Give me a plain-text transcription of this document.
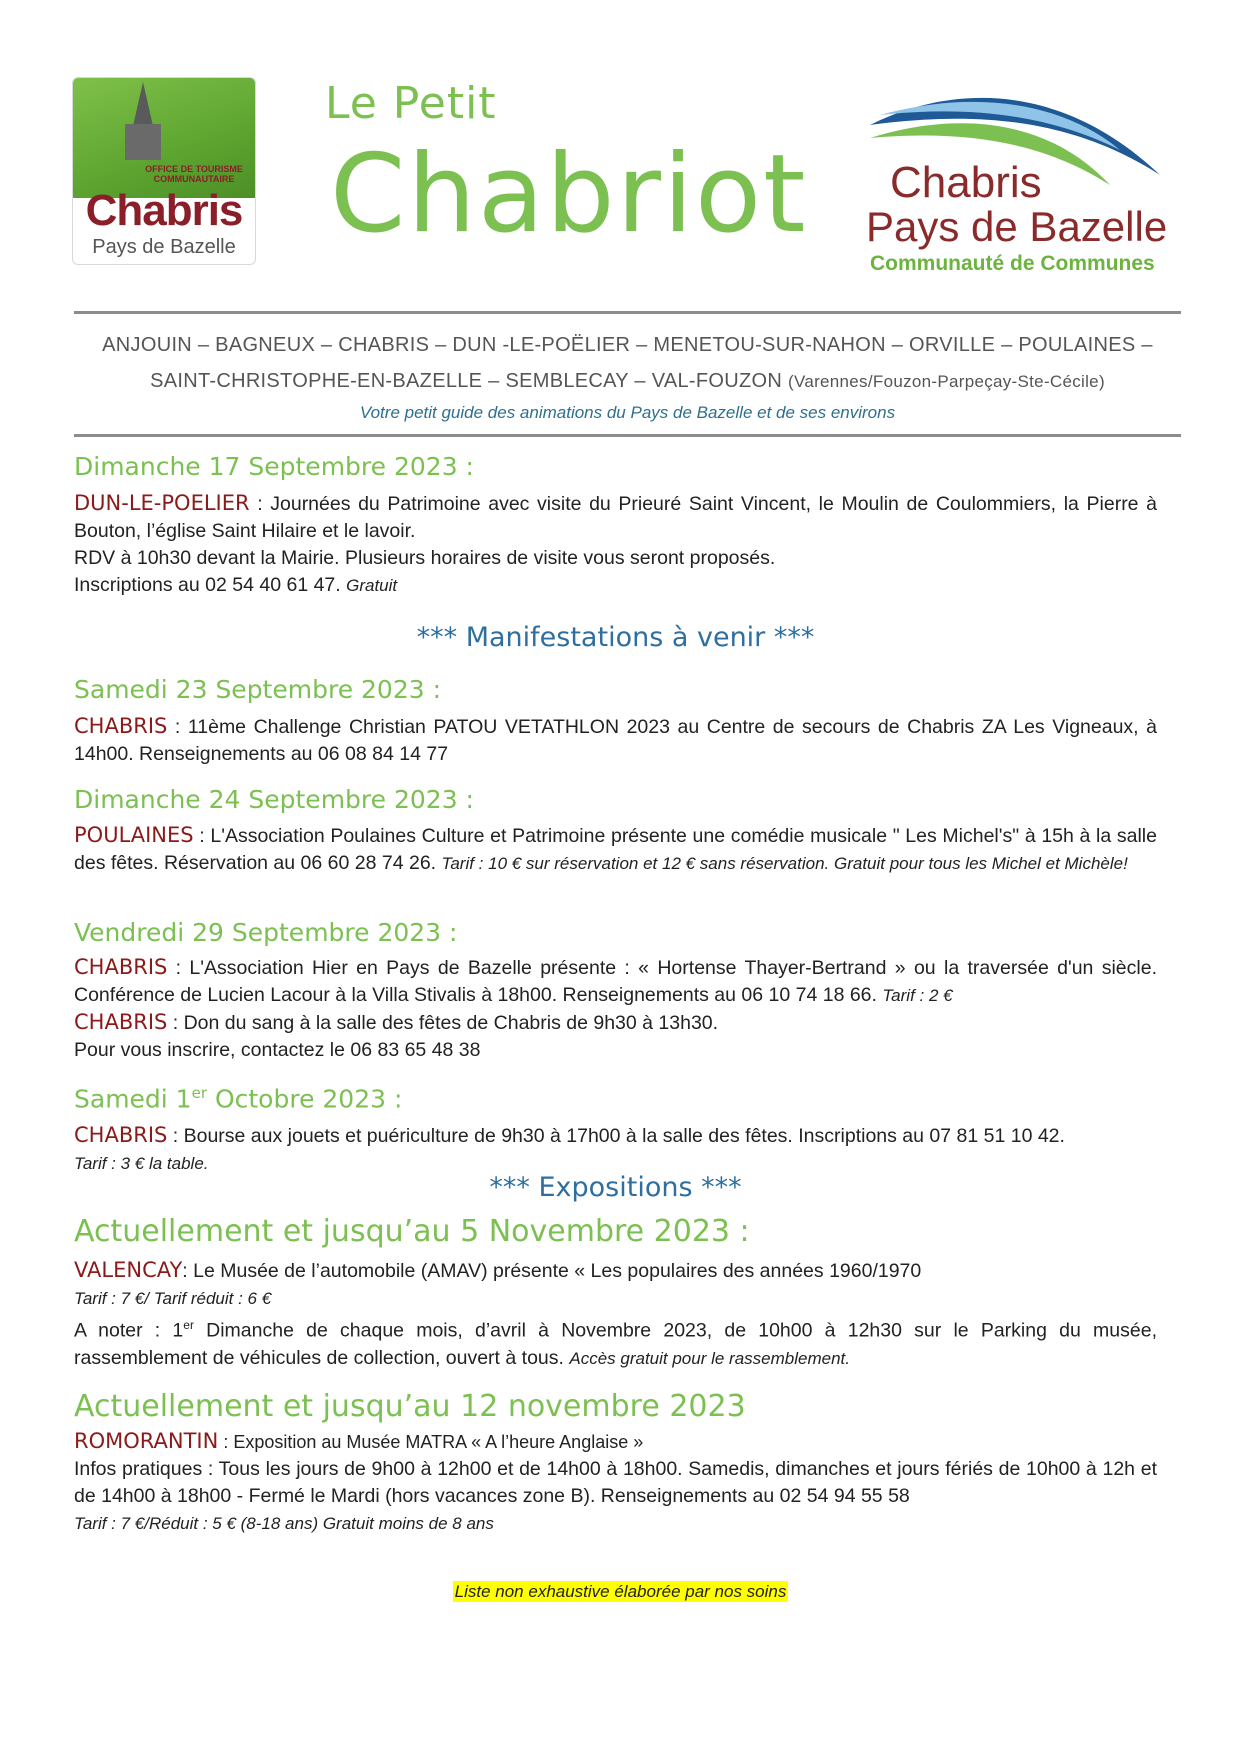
OFFICE DE TOURISME
COMMUNAUTAIRE
Chabris
Pays de Bazelle
Le Petit
Chabriot Chabris
Pays de Bazelle
Communauté de Communes
ANJOUIN – BAGNEUX – CHABRIS – DUN -LE-POËLIER – MENETOU-SUR-NAHON – ORVILLE – POULAINES –
SAINT-CHRISTOPHE-EN-BAZELLE – SEMBLECAY – VAL-FOUZON (Varennes/Fouzon-Parpeçay-Ste-Cécile)
Votre petit guide des animations du Pays de Bazelle et de ses environs
Dimanche 17 Septembre 2023 :
DUN-LE-POELIER : Journées du Patrimoine avec visite du Prieuré Saint Vincent, le Moulin de Coulommiers, la Pierre à Bouton, l’église Saint Hilaire et le lavoir.
RDV à 10h30 devant la Mairie. Plusieurs horaires de visite vous seront proposés.
Inscriptions au 02 54 40 61 47. Gratuit
*** Manifestations à venir ***
Samedi 23 Septembre 2023 :
CHABRIS : 11ème Challenge Christian PATOU VETATHLON 2023 au Centre de secours de Chabris ZA Les Vigneaux, à 14h00. Renseignements au 06 08 84 14 77
Dimanche 24 Septembre 2023 :
POULAINES : L'Association Poulaines Culture et Patrimoine présente une comédie musicale " Les Michel's" à 15h à la salle des fêtes. Réservation au 06 60 28 74 26. Tarif : 10 € sur réservation et 12 € sans réservation. Gratuit pour tous les Michel et Michèle!
Vendredi 29 Septembre 2023 :
CHABRIS : L'Association Hier en Pays de Bazelle présente : « Hortense Thayer-Bertrand » ou la traversée d'un siècle. Conférence de Lucien Lacour à la Villa Stivalis à 18h00. Renseignements au 06 10 74 18 66. Tarif : 2 €
CHABRIS : Don du sang à la salle des fêtes de Chabris de 9h30 à 13h30.
Pour vous inscrire, contactez le 06 83 65 48 38
Samedi 1er Octobre 2023 :
CHABRIS : Bourse aux jouets et puériculture de 9h30 à 17h00 à la salle des fêtes. Inscriptions au 07 81 51 10 42.
Tarif : 3 € la table.
*** Expositions ***
Actuellement et jusqu’au 5 Novembre 2023 :
VALENCAY: Le Musée de l’automobile (AMAV) présente « Les populaires des années 1960/1970
Tarif : 7 €/ Tarif réduit : 6 €
A noter : 1er Dimanche de chaque mois, d’avril à Novembre 2023, de 10h00 à 12h30 sur le Parking du musée, rassemblement de véhicules de collection, ouvert à tous. Accès gratuit pour le rassemblement.
Actuellement et jusqu’au 12 novembre 2023
ROMORANTIN : Exposition au Musée MATRA « A l’heure Anglaise »
Infos pratiques : Tous les jours de 9h00 à 12h00 et de 14h00 à 18h00. Samedis, dimanches et jours fériés de 10h00 à 12h et de 14h00 à 18h00 - Fermé le Mardi (hors vacances zone B). Renseignements au 02 54 94 55 58
Tarif : 7 €/Réduit : 5 € (8-18 ans) Gratuit moins de 8 ans
Liste non exhaustive élaborée par nos soins
